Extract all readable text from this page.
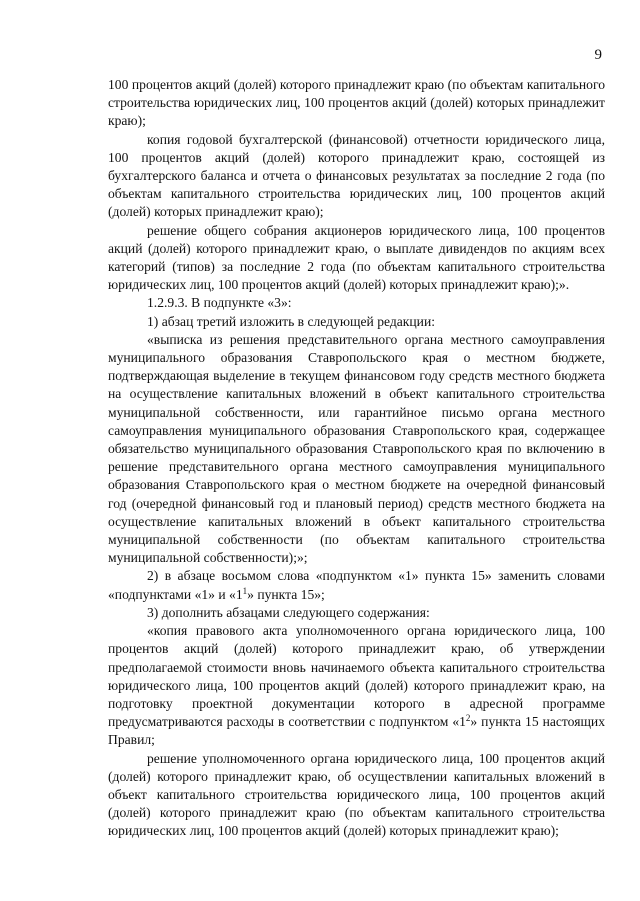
9

100 процентов акций (долей) которого принадлежит краю (по объектам капитального строительства юридических лиц, 100 процентов акций (долей) которых принадлежит краю);

копия годовой бухгалтерской (финансовой) отчетности юридического лица, 100 процентов акций (долей) которого принадлежит краю, состоящей из бухгалтерского баланса и отчета о финансовых результатах за последние 2 года (по объектам капитального строительства юридических лиц, 100 процентов акций (долей) которых принадлежит краю);

решение общего собрания акционеров юридического лица, 100 процентов акций (долей) которого принадлежит краю, о выплате дивидендов по акциям всех категорий (типов) за последние 2 года (по объектам капитального строительства юридических лиц, 100 процентов акций (долей) которых принадлежит краю);».

1.2.9.3. В подпункте «3»:

1) абзац третий изложить в следующей редакции:

«выписка из решения представительного органа местного самоуправления муниципального образования Ставропольского края о местном бюджете, подтверждающая выделение в текущем финансовом году средств местного бюджета на осуществление капитальных вложений в объект капитального строительства муниципальной собственности, или гарантийное письмо органа местного самоуправления муниципального образования Ставропольского края, содержащее обязательство муниципального образования Ставропольского края по включению в решение представительного органа местного самоуправления муниципального образования Ставропольского края о местном бюджете на очередной финансовый год (очередной финансовый год и плановый период) средств местного бюджета на осуществление капитальных вложений в объект капитального строительства муниципальной собственности (по объектам капитального строительства муниципальной собственности);»;

2) в абзаце восьмом слова «подпунктом «1» пункта 15» заменить словами «подпунктами «1» и «$1^1$» пункта 15»;

3) дополнить абзацами следующего содержания:

«копия правового акта уполномоченного органа юридического лица, 100 процентов акций (долей) которого принадлежит краю, об утверждении предполагаемой стоимости вновь начинаемого объекта капитального строительства юридического лица, 100 процентов акций (долей) которого принадлежит краю, на подготовку проектной документации которого в адресной программе предусматриваются расходы в соответствии с подпунктом «$1^2$» пункта 15 настоящих Правил;

решение уполномоченного органа юридического лица, 100 процентов акций (долей) которого принадлежит краю, об осуществлении капитальных вложений в объект капитального строительства юридического лица, 100 процентов акций (долей) которого принадлежит краю (по объектам капитального строительства юридических лиц, 100 процентов акций (долей) которых принадлежит краю);
